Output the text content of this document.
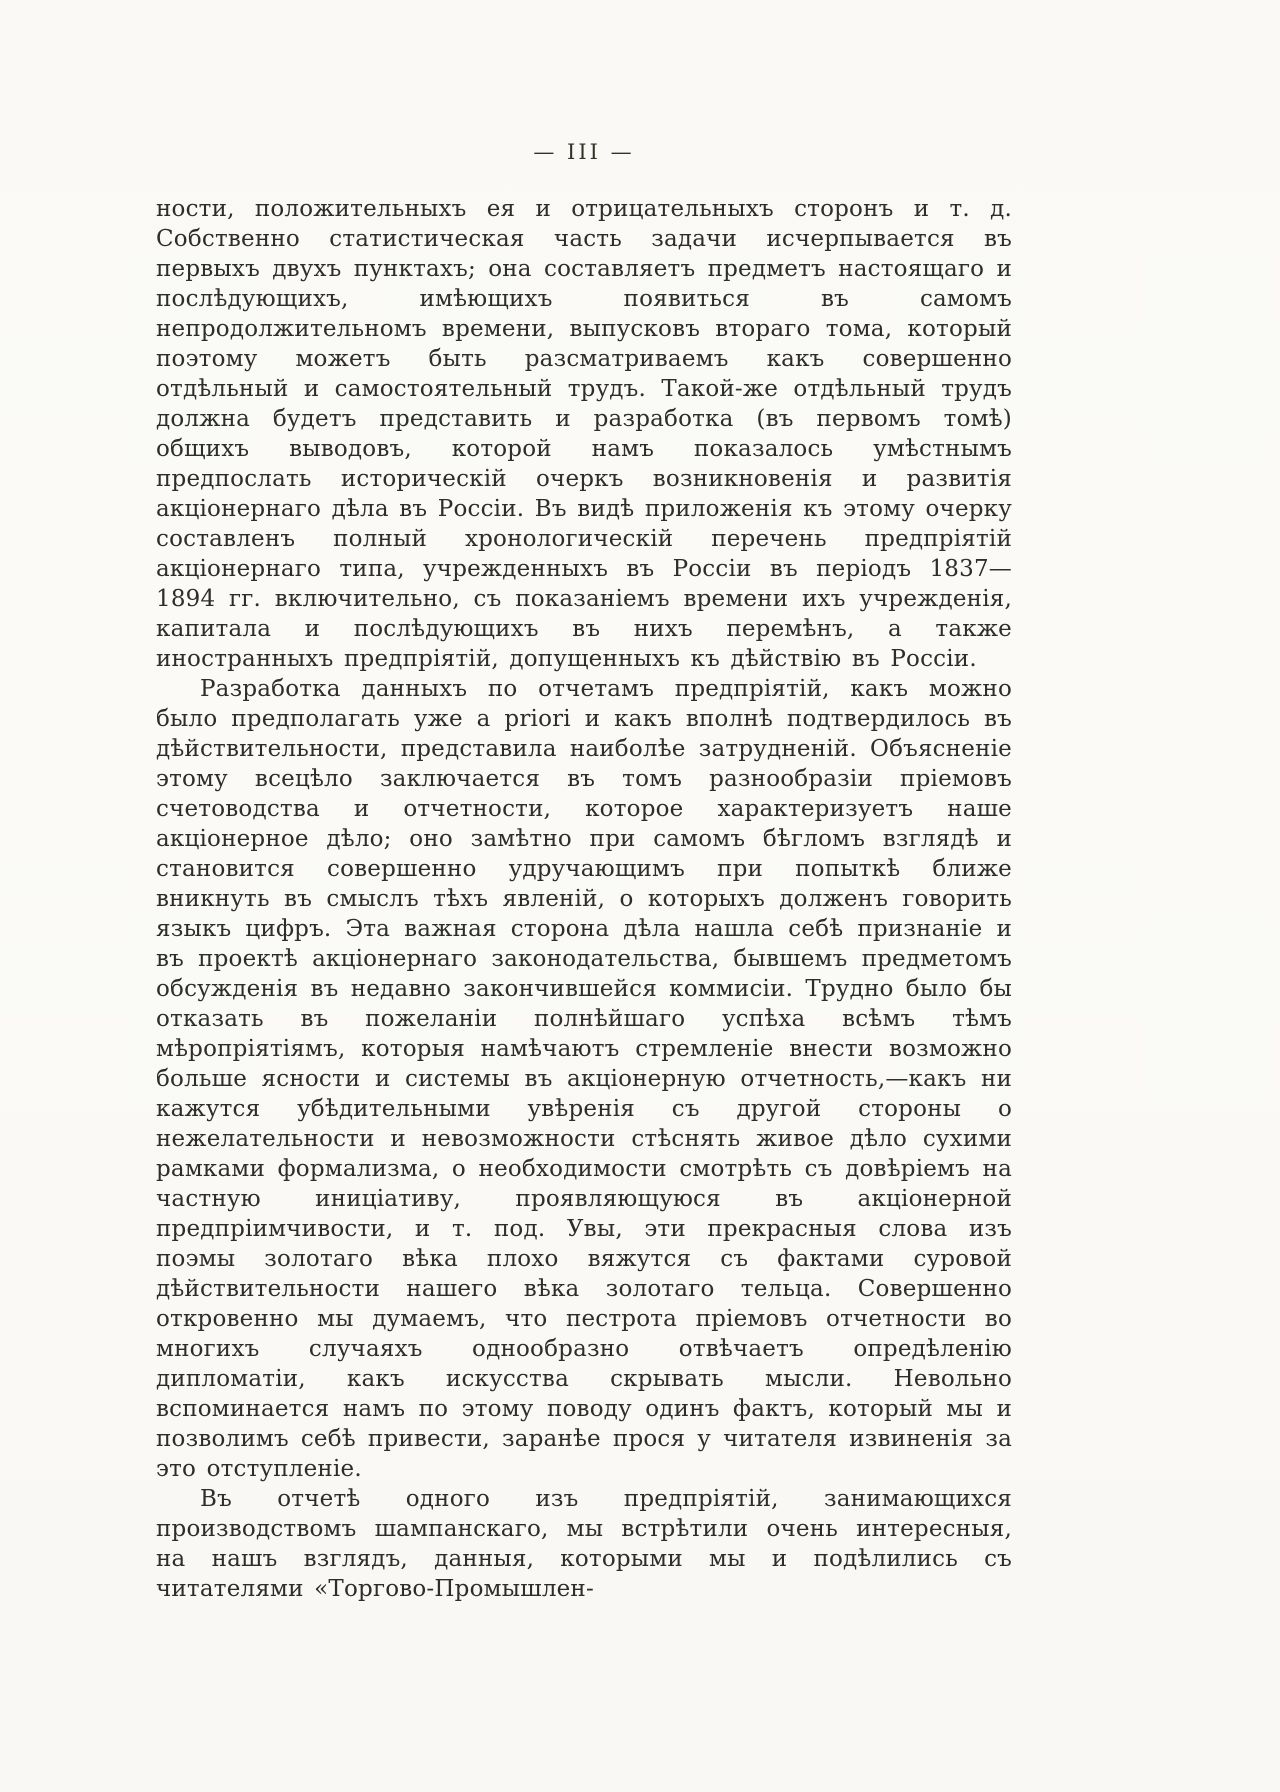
— III —

ности, положительныхъ ея и отрицательныхъ сторонъ и т. д. Собственно статистическая часть задачи исчерпывается въ первыхъ двухъ пунктахъ; она составляетъ предметъ настоящаго и послѣдующихъ, имѣющихъ появиться въ самомъ непродолжительномъ времени, выпусковъ втораго тома, который поэтому можетъ быть разсматриваемъ какъ совершенно отдѣльный и самостоятельный трудъ. Такой-же отдѣльный трудъ должна будетъ представить и разработка (въ первомъ томѣ) общихъ выводовъ, которой намъ показалось умѣстнымъ предпослать историческій очеркъ возникновенія и развитія акціонернаго дѣла въ Россіи. Въ видѣ приложенія къ этому очерку составленъ полный хронологическій перечень предпріятій акціонернаго типа, учрежденныхъ въ Россіи въ періодъ 1837—1894 гг. включительно, съ показаніемъ времени ихъ учрежденія, капитала и послѣдующихъ въ нихъ перемѣнъ, а также иностранныхъ предпріятій, допущенныхъ къ дѣйствію въ Россіи.

Разработка данныхъ по отчетамъ предпріятій, какъ можно было предполагать уже a priori и какъ вполнѣ подтвердилось въ дѣйствительности, представила наиболѣе затрудненій. Объясненіе этому всецѣло заключается въ томъ разнообразіи пріемовъ счетоводства и отчетности, которое характеризуетъ наше акціонерное дѣло; оно замѣтно при самомъ бѣгломъ взглядѣ и становится совершенно удручающимъ при попыткѣ ближе вникнуть въ смыслъ тѣхъ явленій, о которыхъ долженъ говорить языкъ цифръ. Эта важная сторона дѣла нашла себѣ признаніе и въ проектѣ акціонернаго законодательства, бывшемъ предметомъ обсужденія въ недавно закончившейся коммисіи. Трудно было бы отказать въ пожеланіи полнѣйшаго успѣха всѣмъ тѣмъ мѣропріятіямъ, которыя намѣчаютъ стремленіе внести возможно больше ясности и системы въ акціонерную отчетность,—какъ ни кажутся убѣдительными увѣренія съ другой стороны о нежелательности и невозможности стѣснять живое дѣло сухими рамками формализма, о необходимости смотрѣть съ довѣріемъ на частную иниціативу, проявляющуюся въ акціонерной предпріимчивости, и т. под. Увы, эти прекрасныя слова изъ поэмы золотаго вѣка плохо вяжутся съ фактами суровой дѣйствительности нашего вѣка золотаго тельца. Совершенно откровенно мы думаемъ, что пестрота пріемовъ отчетности во многихъ случаяхъ однообразно отвѣчаетъ опредѣленію дипломатіи, какъ искусства скрывать мысли. Невольно вспоминается намъ по этому поводу одинъ фактъ, который мы и позволимъ себѣ привести, заранѣе прося у читателя извиненія за это отступленіе.

Въ отчетѣ одного изъ предпріятій, занимающихся производствомъ шампанскаго, мы встрѣтили очень интересныя, на нашъ взглядъ, данныя, которыми мы и подѣлились съ читателями «Торгово-Промышлен-
